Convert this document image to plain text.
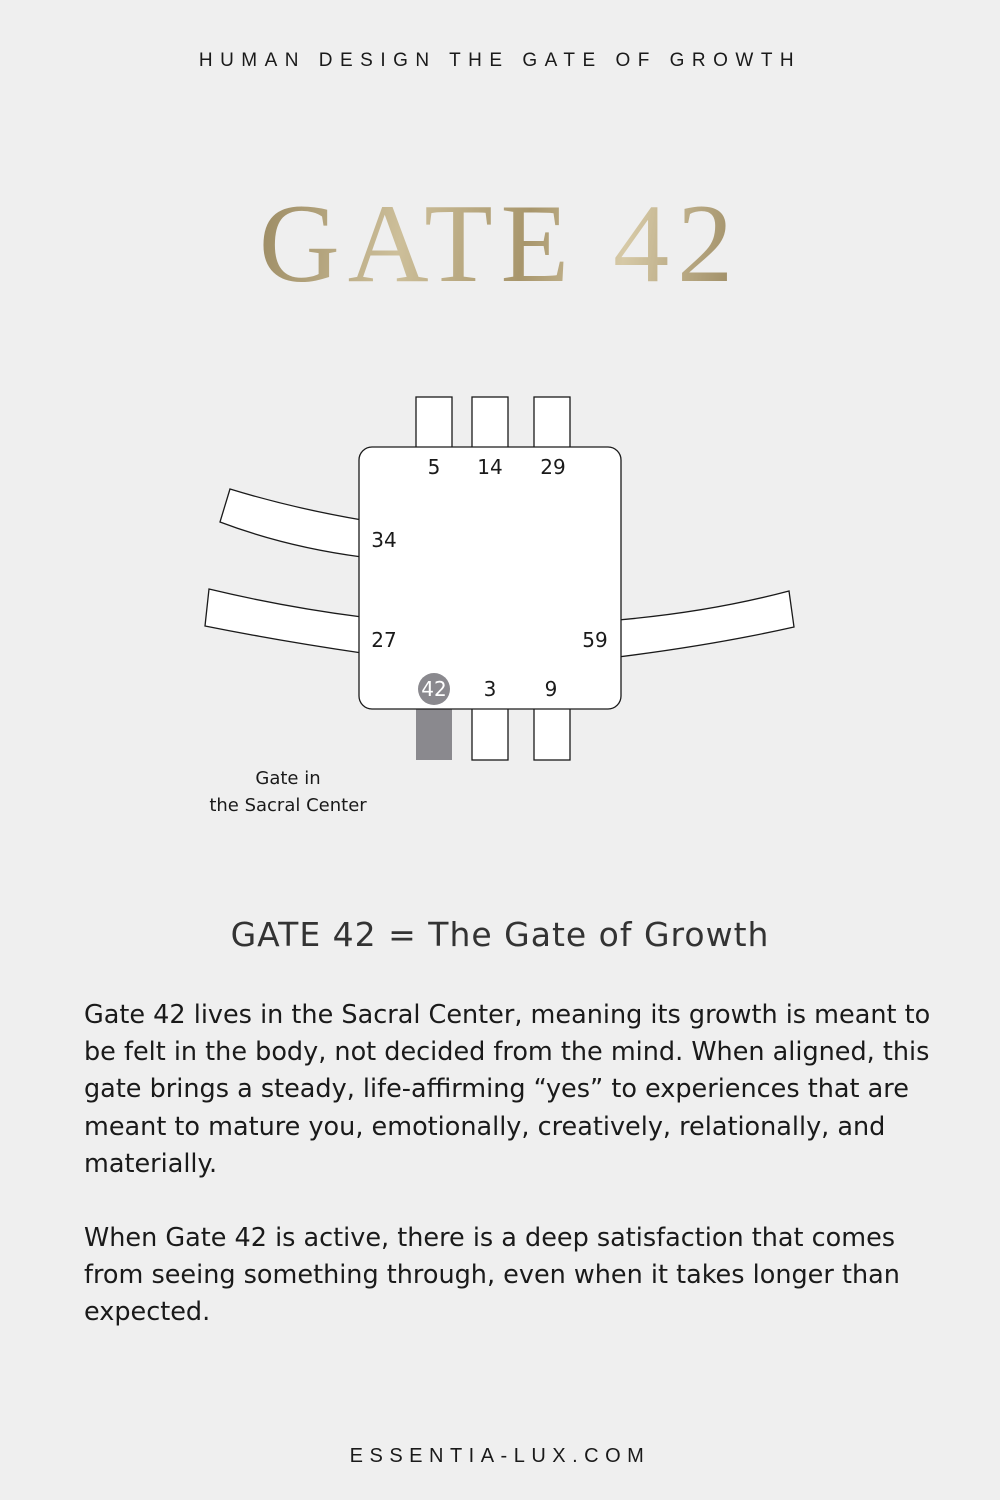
HUMAN DESIGN THE GATE OF GROWTH
GATE 42
5 14 29
34
27	59
3 9
42
Gate in
the Sacral Center
GATE 42 = The Gate of Growth

Gate 42 lives in the Sacral Center, meaning its growth is meant to be felt in the body, not decided from the mind. When aligned, this gate brings a steady, life-affirming “yes” to experiences that are meant to mature you, emotionally, creatively, relationally, and materially.

When Gate 42 is active, there is a deep satisfaction that comes from seeing something through, even when it takes longer than expected.

ESSENTIA-LUX.COM
